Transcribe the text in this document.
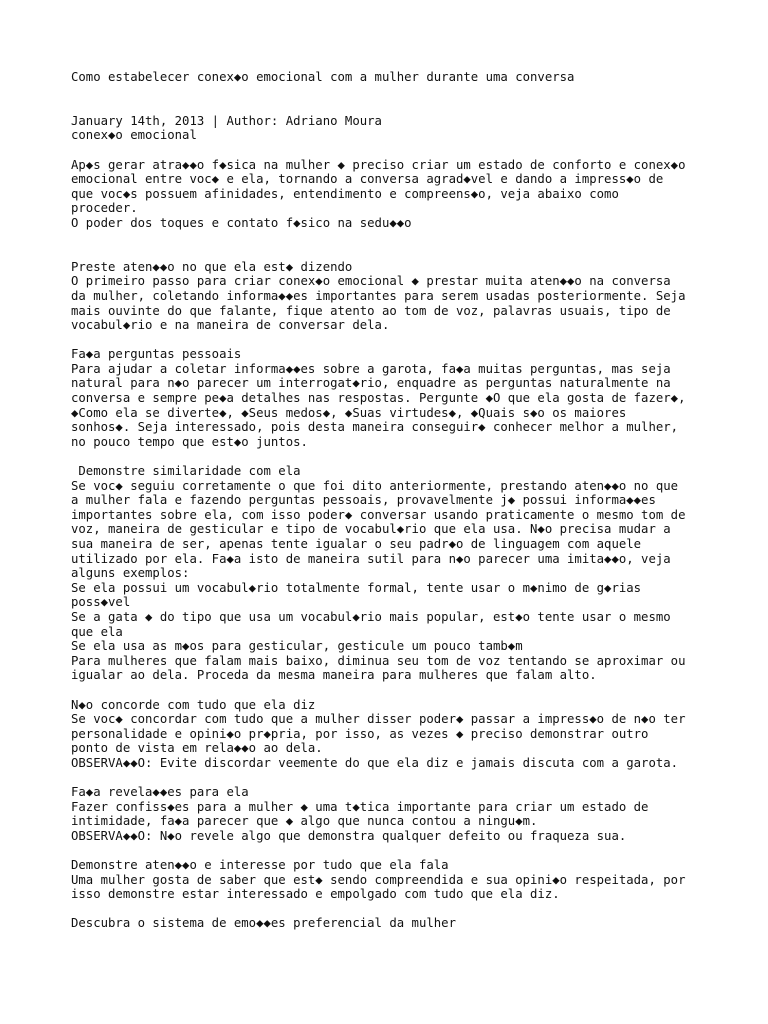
Como estabelecer conex◆o emocional com a mulher durante uma conversa
January 14th, 2013 | Author: Adriano Moura
conex◆o emocional
Ap◆s gerar atra◆◆o f◆sica na mulher ◆ preciso criar um estado de conforto e conex◆o
emocional entre voc◆ e ela, tornando a conversa agrad◆vel e dando a impress◆o de
que voc◆s possuem afinidades, entendimento e compreens◆o, veja abaixo como
proceder.
O poder dos toques e contato f◆sico na sedu◆◆o
Preste aten◆◆o no que ela est◆ dizendo
O primeiro passo para criar conex◆o emocional ◆ prestar muita aten◆◆o na conversa
da mulher, coletando informa◆◆es importantes para serem usadas posteriormente. Seja
mais ouvinte do que falante, fique atento ao tom de voz, palavras usuais, tipo de
vocabul◆rio e na maneira de conversar dela.
Fa◆a perguntas pessoais
Para ajudar a coletar informa◆◆es sobre a garota, fa◆a muitas perguntas, mas seja
natural para n◆o parecer um interrogat◆rio, enquadre as perguntas naturalmente na
conversa e sempre pe◆a detalhes nas respostas. Pergunte ◆O que ela gosta de fazer◆,
◆Como ela se diverte◆, ◆Seus medos◆, ◆Suas virtudes◆, ◆Quais s◆o os maiores
sonhos◆. Seja interessado, pois desta maneira conseguir◆ conhecer melhor a mulher,
no pouco tempo que est◆o juntos.
Demonstre similaridade com ela
Se voc◆ seguiu corretamente o que foi dito anteriormente, prestando aten◆◆o no que
a mulher fala e fazendo perguntas pessoais, provavelmente j◆ possui informa◆◆es
importantes sobre ela, com isso poder◆ conversar usando praticamente o mesmo tom de
voz, maneira de gesticular e tipo de vocabul◆rio que ela usa. N◆o precisa mudar a
sua maneira de ser, apenas tente igualar o seu padr◆o de linguagem com aquele
utilizado por ela. Fa◆a isto de maneira sutil para n◆o parecer uma imita◆◆o, veja
alguns exemplos:
Se ela possui um vocabul◆rio totalmente formal, tente usar o m◆nimo de g◆rias
poss◆vel
Se a gata ◆ do tipo que usa um vocabul◆rio mais popular, est◆o tente usar o mesmo
que ela
Se ela usa as m◆os para gesticular, gesticule um pouco tamb◆m
Para mulheres que falam mais baixo, diminua seu tom de voz tentando se aproximar ou
igualar ao dela. Proceda da mesma maneira para mulheres que falam alto.
N◆o concorde com tudo que ela diz
Se voc◆ concordar com tudo que a mulher disser poder◆ passar a impress◆o de n◆o ter
personalidade e opini◆o pr◆pria, por isso, as vezes ◆ preciso demonstrar outro
ponto de vista em rela◆◆o ao dela.
OBSERVA◆◆O: Evite discordar veemente do que ela diz e jamais discuta com a garota.
Fa◆a revela◆◆es para ela
Fazer confiss◆es para a mulher ◆ uma t◆tica importante para criar um estado de
intimidade, fa◆a parecer que ◆ algo que nunca contou a ningu◆m.
OBSERVA◆◆O: N◆o revele algo que demonstra qualquer defeito ou fraqueza sua.
Demonstre aten◆◆o e interesse por tudo que ela fala
Uma mulher gosta de saber que est◆ sendo compreendida e sua opini◆o respeitada, por
isso demonstre estar interessado e empolgado com tudo que ela diz.
Descubra o sistema de emo◆◆es preferencial da mulher
